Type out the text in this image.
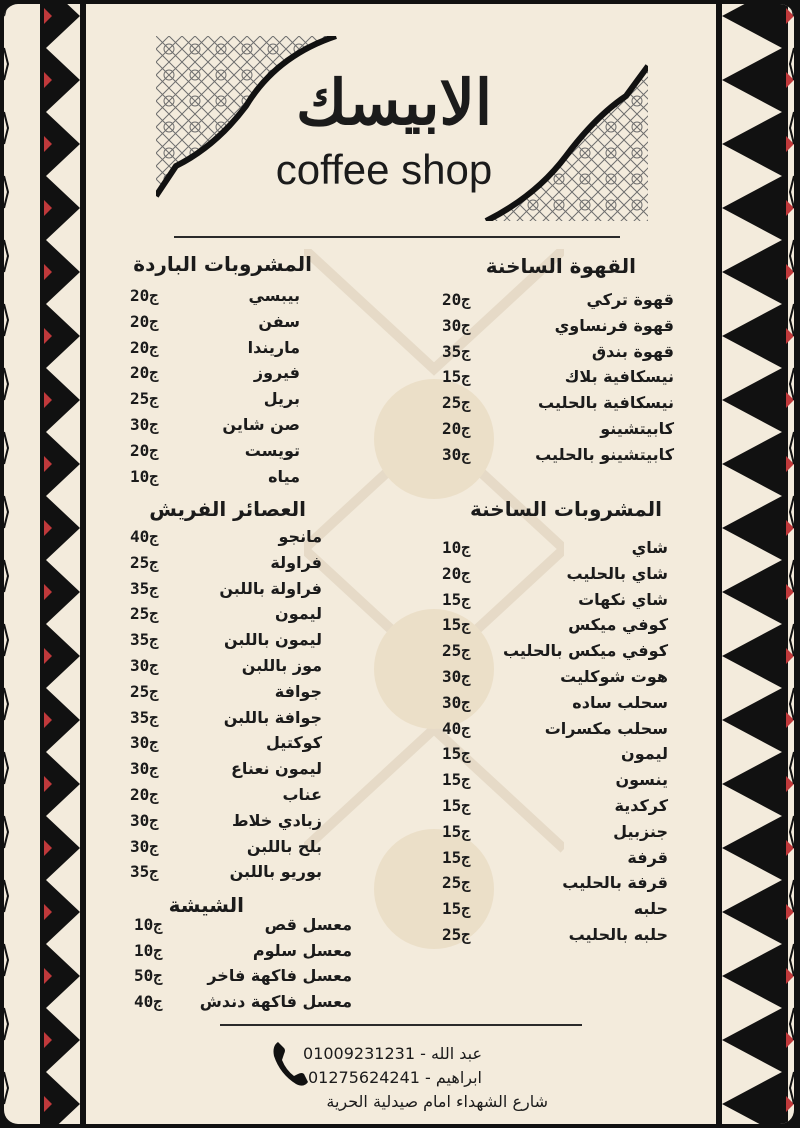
الابيسك
coffee shop
القهوة الساخنة
المشروبات الباردة
المشروبات الساخنة
العصائر الفريش
الشيشة
قهوة تركي
20ج
قهوة فرنساوي
30ج
قهوة بندق
35ج
نيسكافية بلاك
15ج
نيسكافية بالحليب
25ج
كابيتشينو
20ج
كابيتشينو بالحليب
30ج
شاي
10ج
شاي بالحليب
20ج
شاي نكهات
15ج
كوفي ميكس
15ج
كوفي ميكس بالحليب
25ج
هوت شوكليت
30ج
سحلب ساده
30ج
سحلب مكسرات
40ج
ليمون
15ج
ينسون
15ج
كركدية
15ج
جنزبيل
15ج
قرفة
15ج
قرفة بالحليب
25ج
حلبه
15ج
حلبه بالحليب
25ج
بيبسي
20ج
سفن
20ج
ماريندا
20ج
فيروز
20ج
بريل
25ج
صن شاين
30ج
تويست
20ج
مياه
10ج
مانجو
40ج
فراولة
25ج
فراولة باللبن
35ج
ليمون
25ج
ليمون باللبن
35ج
موز باللبن
30ج
جوافة
25ج
جوافة باللبن
35ج
كوكتيل
30ج
ليمون نعناع
30ج
عناب
20ج
زبادي خلاط
30ج
بلح باللبن
30ج
بوريو باللبن
35ج
معسل قص
10ج
معسل سلوم
10ج
معسل فاكهة فاخر
50ج
معسل فاكهة دندش
40ج
01009231231 - عبد الله
01275624241 - ابراهيم
شارع الشهداء امام صيدلية الحرية
